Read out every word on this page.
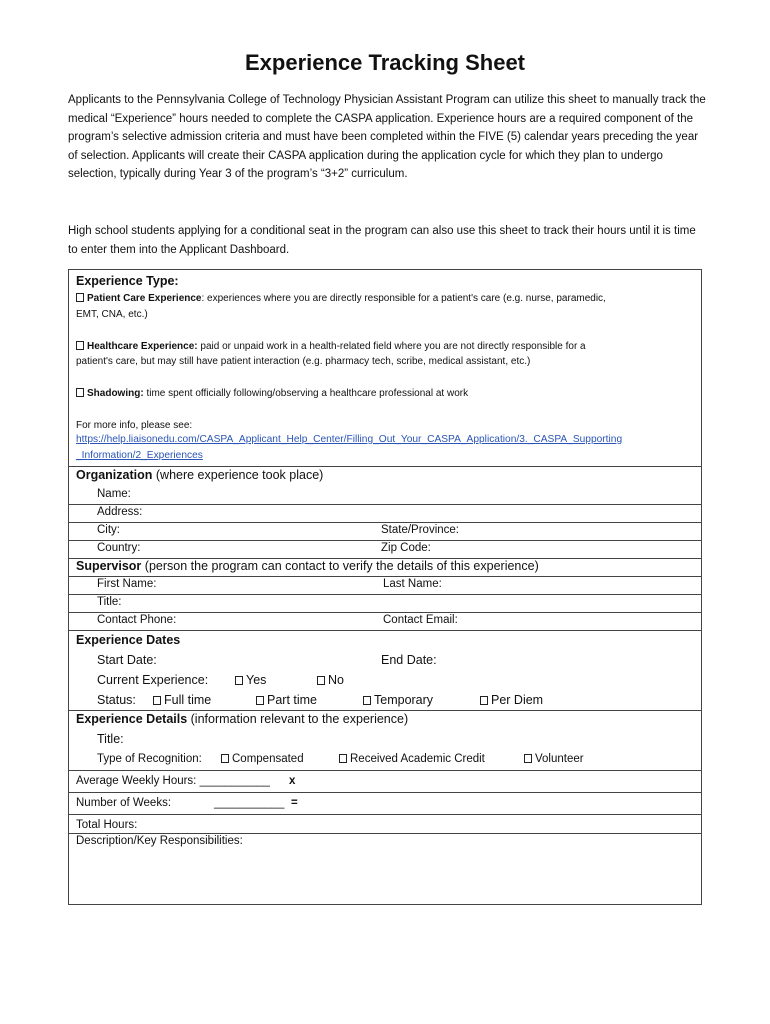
Experience Tracking Sheet

Applicants to the Pennsylvania College of Technology Physician Assistant Program can utilize this sheet to manually track the medical “Experience” hours needed to complete the CASPA application. Experience hours are a required component of the program’s selective admission criteria and must have been completed within the FIVE (5) calendar years preceding the year of selection. Applicants will create their CASPA application during the application cycle for which they plan to undergo selection, typically during Year 3 of the program’s “3+2” curriculum.

High school students applying for a conditional seat in the program can also use this sheet to track their hours until it is time to enter them into the Applicant Dashboard.

Experience Type:
Patient Care Experience: experiences where you are directly responsible for a patient's care (e.g. nurse, paramedic,
EMT, CNA, etc.)
Healthcare Experience: paid or unpaid work in a health-related field where you are not directly responsible for a
patient's care, but may still have patient interaction (e.g. pharmacy tech, scribe, medical assistant, etc.)
Shadowing: time spent officially following/observing a healthcare professional at work
For more info, please see:
https://help.liaisonedu.com/CASPA_Applicant_Help_Center/Filling_Out_Your_CASPA_Application/3._CASPA_Supporting
_Information/2_Experiences
Organization (where experience took place)
Name:
Address:
City:	State/Province:
Country:	Zip Code:
Supervisor (person the program can contact to verify the details of this experience)
First Name:	Last Name:
Title:
Contact Phone:	Contact Email:
Experience Dates
Start Date:	End Date:
Current Experience:	Yes	No
Status:	Full time	Part time	Temporary	Per Diem
Experience Details (information relevant to the experience)
Title:
Type of Recognition:	Compensated	Received Academic Credit	Volunteer
Average Weekly Hours: ___________ x
Number of Weeks:	___________ =
Total Hours:
Description/Key Responsibilities:
